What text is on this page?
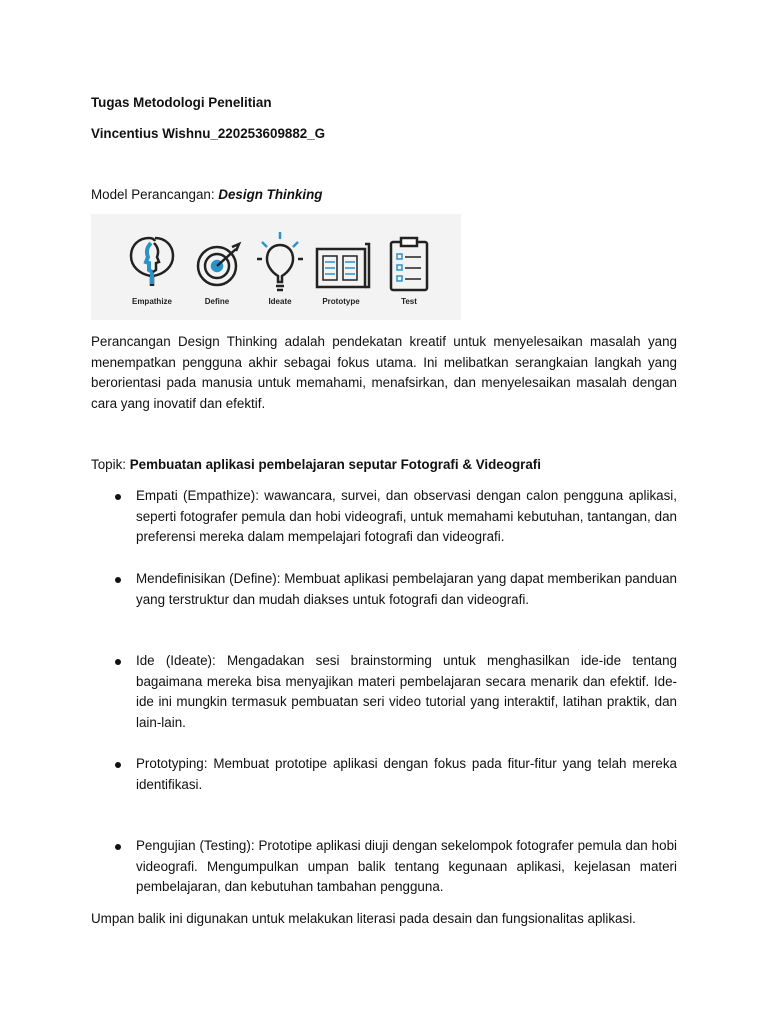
Tugas Metodologi Penelitian
Vincentius Wishnu_220253609882_G
Model Perancangan: Design Thinking
Empathize	Define	Ideate	Prototype	Test
Perancangan Design Thinking adalah pendekatan kreatif untuk menyelesaikan masalah yang menempatkan pengguna akhir sebagai fokus utama. Ini melibatkan serangkaian langkah yang berorientasi pada manusia untuk memahami, menafsirkan, dan menyelesaikan masalah dengan cara yang inovatif dan efektif.
Topik: Pembuatan aplikasi pembelajaran seputar Fotografi & Videografi
Empati (Empathize): wawancara, survei, dan observasi dengan calon pengguna aplikasi, seperti fotografer pemula dan hobi videografi, untuk memahami kebutuhan, tantangan, dan preferensi mereka dalam mempelajari fotografi dan videografi.
Mendefinisikan (Define): Membuat aplikasi pembelajaran yang dapat memberikan panduan yang terstruktur dan mudah diakses untuk fotografi dan videografi.
Ide (Ideate): Mengadakan sesi brainstorming untuk menghasilkan ide-ide tentang bagaimana mereka bisa menyajikan materi pembelajaran secara menarik dan efektif. Ide-ide ini mungkin termasuk pembuatan seri video tutorial yang interaktif, latihan praktik, dan lain-lain.
Prototyping: Membuat prototipe aplikasi dengan fokus pada fitur-fitur yang telah mereka identifikasi.
Pengujian (Testing): Prototipe aplikasi diuji dengan sekelompok fotografer pemula dan hobi videografi. Mengumpulkan umpan balik tentang kegunaan aplikasi, kejelasan materi pembelajaran, dan kebutuhan tambahan pengguna.
Umpan balik ini digunakan untuk melakukan literasi pada desain dan fungsionalitas aplikasi.
